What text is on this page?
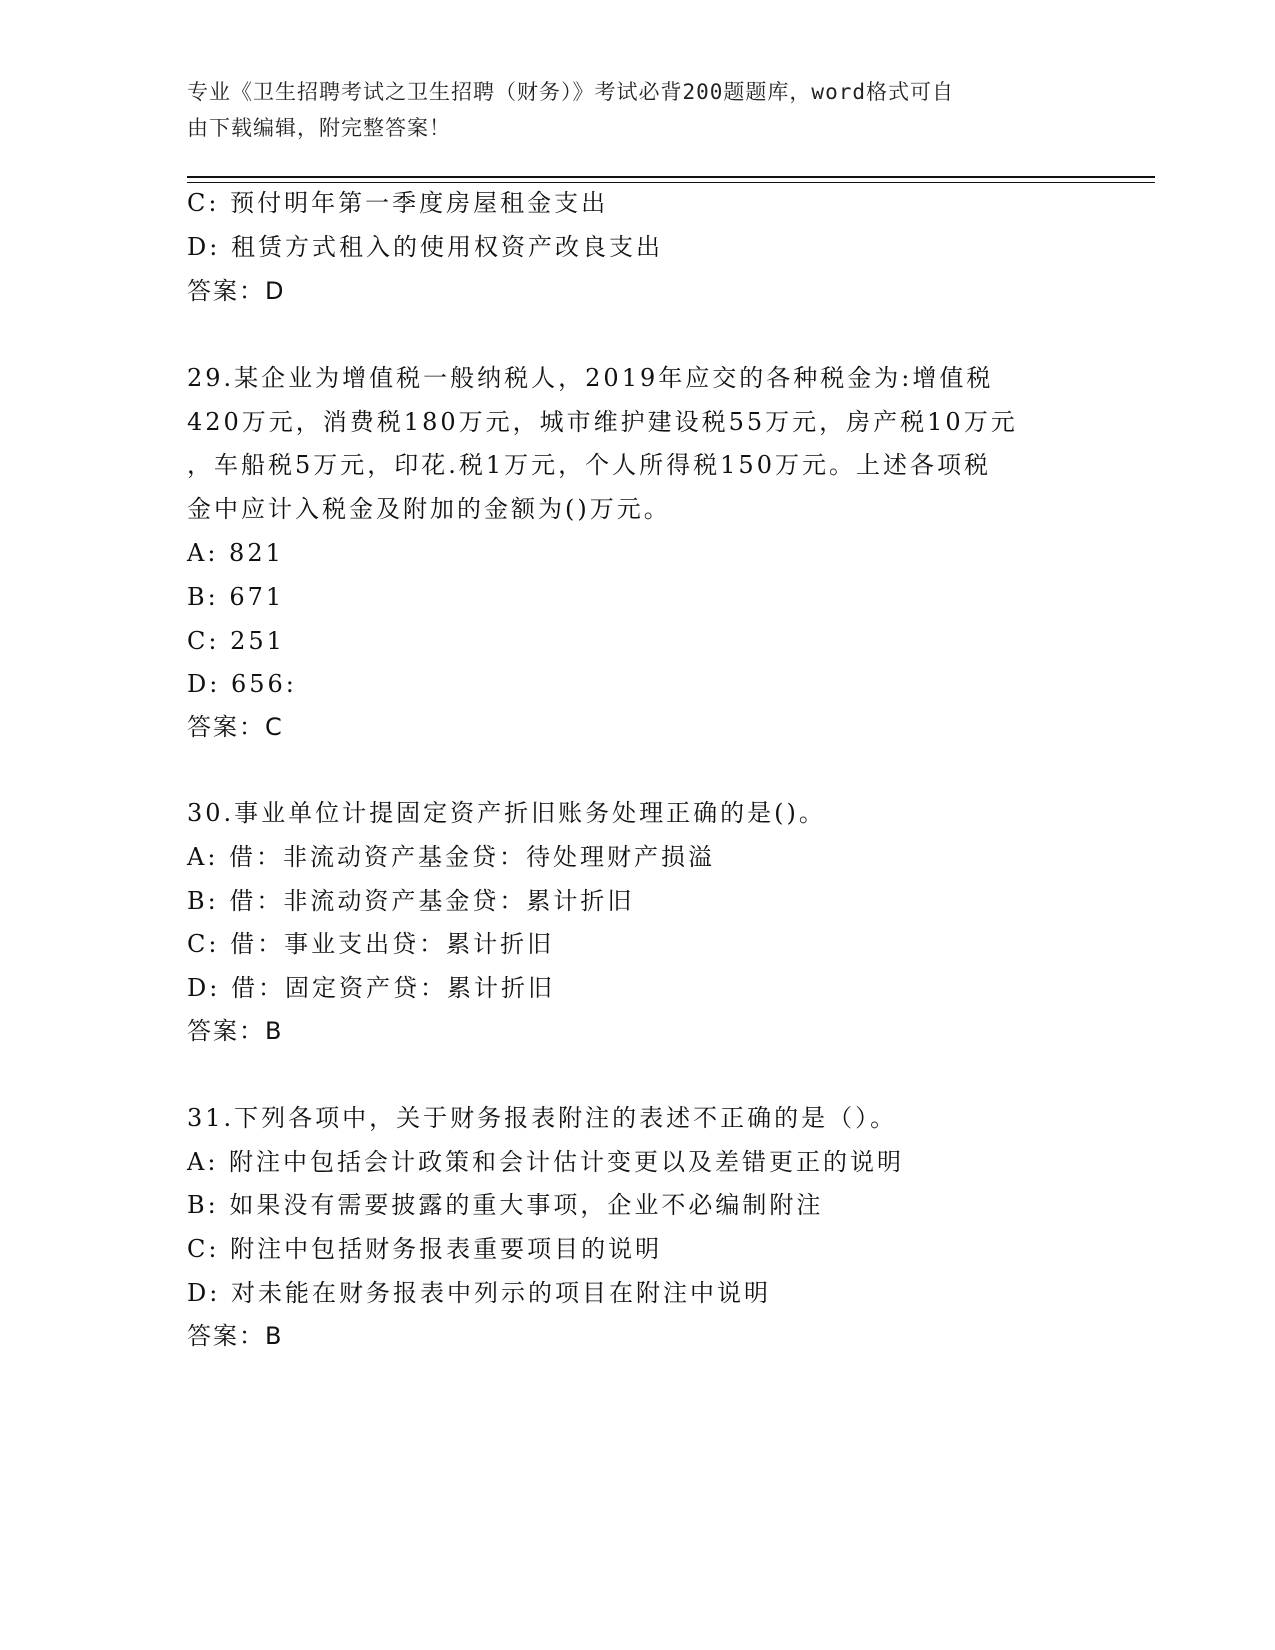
专业《卫生招聘考试之卫生招聘（财务）》考试必背200题题库，word格式可自
由下载编辑，附完整答案！
C: 预付明年第一季度房屋租金支出
D: 租赁方式租入的使用权资产改良支出
答案：D
29.某企业为增值税一般纳税人，2019年应交的各种税金为:增值税
420万元，消费税180万元，城市维护建设税55万元，房产税10万元
，车船税5万元，印花.税1万元，个人所得税150万元。上述各项税
金中应计入税金及附加的金额为()万元。
A: 821
B: 671
C: 251
D: 656:
答案：C
30.事业单位计提固定资产折旧账务处理正确的是()。
A: 借：非流动资产基金贷：待处理财产损溢
B: 借：非流动资产基金贷：累计折旧
C: 借：事业支出贷：累计折旧
D: 借：固定资产贷：累计折旧
答案：B
31.下列各项中，关于财务报表附注的表述不正确的是（）。
A: 附注中包括会计政策和会计估计变更以及差错更正的说明
B: 如果没有需要披露的重大事项，企业不必编制附注
C: 附注中包括财务报表重要项目的说明
D: 对未能在财务报表中列示的项目在附注中说明
答案：B
